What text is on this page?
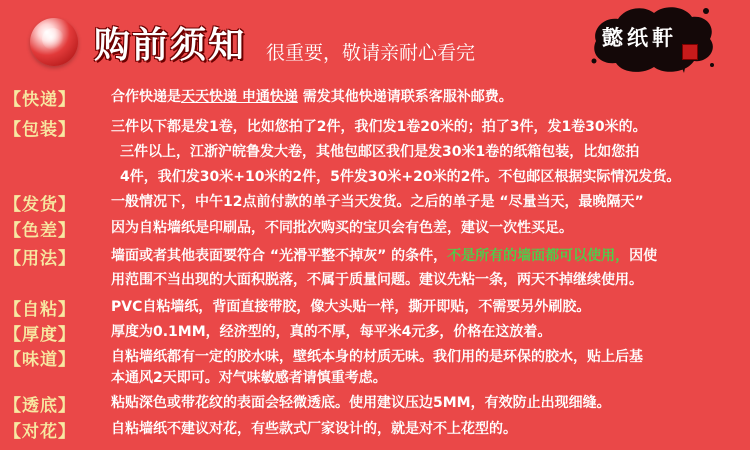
购前须知 很重要，敬请亲耐心看完
懿纸軒
【快递】	合作快递是天天快递 申通快递 需发其他快递请联系客服补邮费。
【包装】	三件以下都是发1卷，比如您拍了2件，我们发1卷20米的；拍了3件，发1卷30米的。
三件以上，江浙沪皖鲁发大卷，其他包邮区我们是发30米1卷的纸箱包装，比如您拍
4件，我们发30米+10米的2件，5件发30米+20米的2件。不包邮区根据实际情况发货。
【发货】	一般情况下，中午12点前付款的单子当天发货。之后的单子是 “尽量当天，最晚隔天”
【色差】	因为自粘墙纸是印刷品，不同批次购买的宝贝会有色差，建议一次性买足。
【用法】	墙面或者其他表面要符合 “光滑平整不掉灰” 的条件，不是所有的墙面都可以使用，因使
用范围不当出现的大面积脱落，不属于质量问题。建议先粘一条，两天不掉继续使用。
【自粘】	PVC自粘墙纸，背面直接带胶，像大头贴一样，撕开即贴，不需要另外刷胶。
【厚度】	厚度为0.1MM，经济型的，真的不厚，每平米4元多，价格在这放着。
【味道】	自粘墙纸都有一定的胶水味，壁纸本身的材质无味。我们用的是环保的胶水，贴上后基
本通风2天即可。对气味敏感者请慎重考虑。
【透底】	粘贴深色或带花纹的表面会轻微透底。使用建议压边5MM，有效防止出现细缝。
【对花】	自粘墙纸不建议对花，有些款式厂家设计的，就是对不上花型的。
